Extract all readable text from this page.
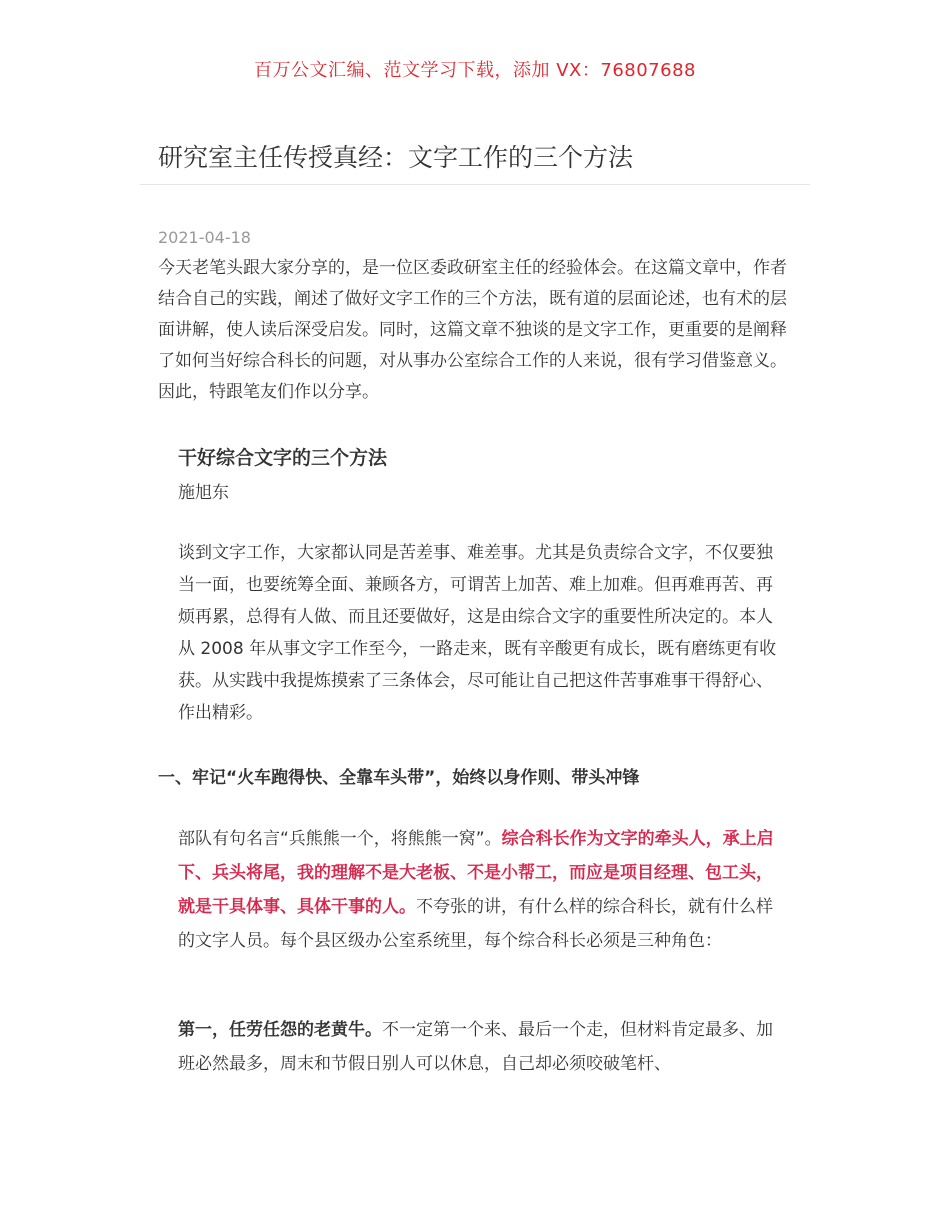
百万公文汇编、范文学习下载，添加 VX：76807688
研究室主任传授真经：文字工作的三个方法
2021-04-18

今天老笔头跟大家分享的，是一位区委政研室主任的经验体会。在这篇文章中，作者结合自己的实践，阐述了做好文字工作的三个方法，既有道的层面论述，也有术的层面讲解，使人读后深受启发。同时，这篇文章不独谈的是文字工作，更重要的是阐释了如何当好综合科长的问题，对从事办公室综合工作的人来说，很有学习借鉴意义。因此，特跟笔友们作以分享。

干好综合文字的三个方法
施旭东

谈到文字工作，大家都认同是苦差事、难差事。尤其是负责综合文字，不仅要独当一面，也要统筹全面、兼顾各方，可谓苦上加苦、难上加难。但再难再苦、再烦再累，总得有人做、而且还要做好，这是由综合文字的重要性所决定的。本人从 2008 年从事文字工作至今，一路走来，既有辛酸更有成长，既有磨练更有收获。从实践中我提炼摸索了三条体会，尽可能让自己把这件苦事难事干得舒心、作出精彩。

一、牢记“火车跑得快、全靠车头带”，始终以身作则、带头冲锋

部队有句名言“兵熊熊一个，将熊熊一窝”。综合科长作为文字的牵头人，承上启下、兵头将尾，我的理解不是大老板、不是小帮工，而应是项目经理、包工头，就是干具体事、具体干事的人。不夸张的讲，有什么样的综合科长，就有什么样的文字人员。每个县区级办公室系统里，每个综合科长必须是三种角色：

第一，任劳任怨的老黄牛。不一定第一个来、最后一个走，但材料肯定最多、加班必然最多，周末和节假日别人可以休息，自己却必须咬破笔杆、
